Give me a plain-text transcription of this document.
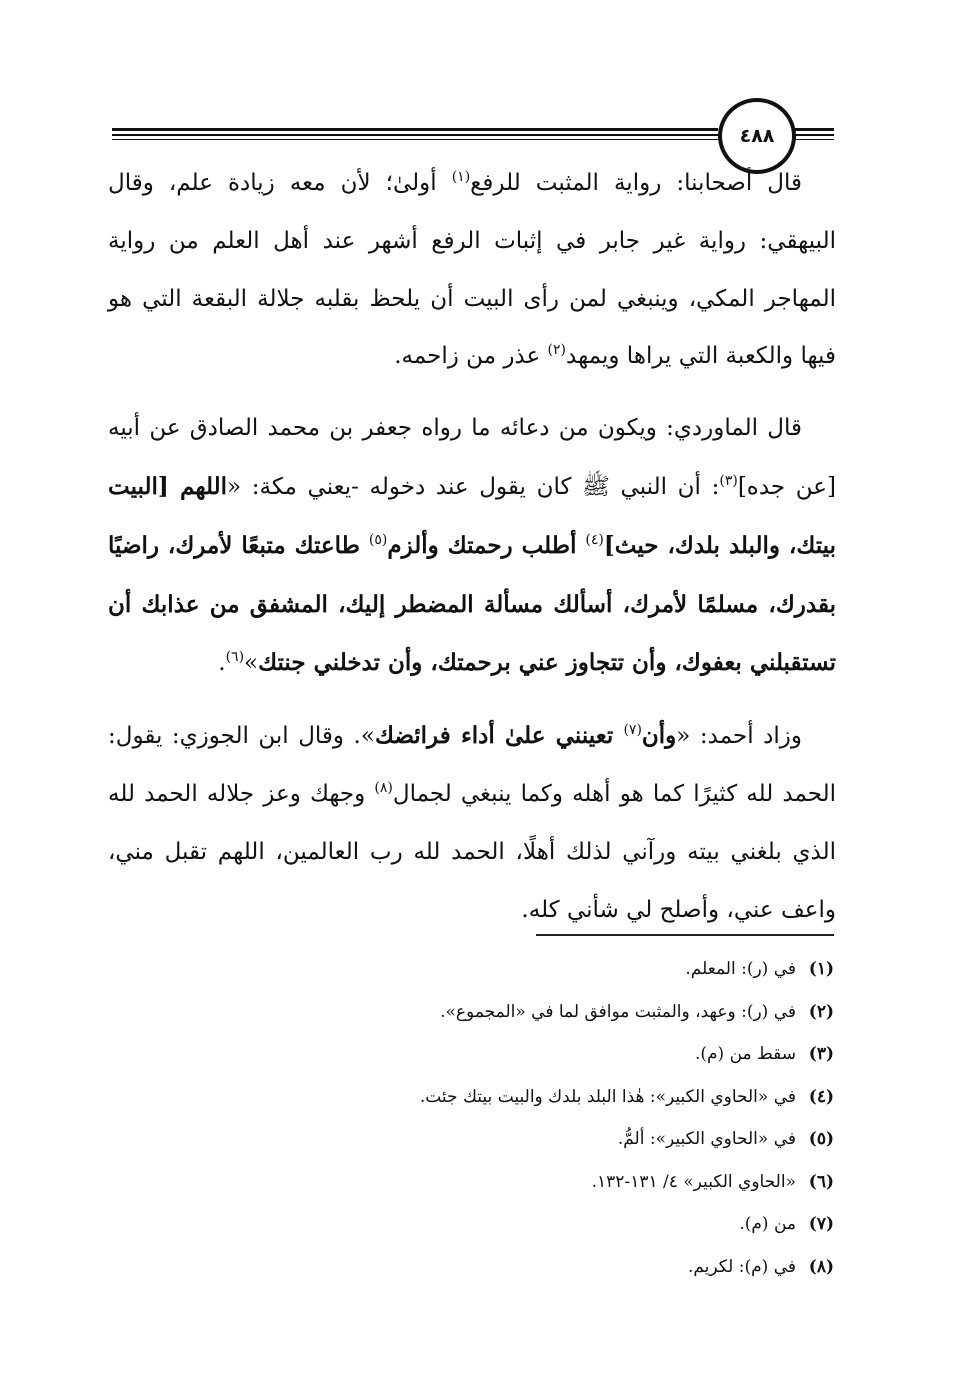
٤٨٨

قال أصحابنا: رواية المثبت للرفع$^{(١)}$ أولىٰ؛ لأن معه زيادة علم، وقال البيهقي: رواية غير جابر في إثبات الرفع أشهر عند أهل العلم من رواية المهاجر المكي، وينبغي لمن رأى البيت أن يلحظ بقلبه جلالة البقعة التي هو فيها والكعبة التي يراها ويمهد$^{(٢)}$ عذر من زاحمه.

قال الماوردي: ويكون من دعائه ما رواه جعفر بن محمد الصادق عن أبيه [عن جده]$^{(٣)}$: أن النبي ﷺ كان يقول عند دخوله -يعني مكة: «اللهم [البيت بيتك، والبلد بلدك، حيث]$^{(٤)}$ أطلب رحمتك وألزم$^{(٥)}$ طاعتك متبعًا لأمرك، راضيًا بقدرك، مسلمًا لأمرك، أسألك مسألة المضطر إليك، المشفق من عذابك أن تستقبلني بعفوك، وأن تتجاوز عني برحمتك، وأن تدخلني جنتك»$^{(٦)}$.

وزاد أحمد: «وأن$^{(٧)}$ تعينني علىٰ أداء فرائضك». وقال ابن الجوزي: يقول: الحمد لله كثيرًا كما هو أهله وكما ينبغي لجمال$^{(٨)}$ وجهك وعز جلاله الحمد لله الذي بلغني بيته ورآني لذلك أهلًا، الحمد لله رب العالمين، اللهم تقبل مني، واعف عني، وأصلح لي شأني كله.

(١)في (ر): المعلم.
(٢)في (ر): وعهد، والمثبت موافق لما في «المجموع».
(٣)سقط من (م).
(٤)في «الحاوي الكبير»: هٰذا البلد بلدك والبيت بيتك جئت.
(٥)في «الحاوي الكبير»: ألمُّ.
(٦)«الحاوي الكبير» ٤/ ١٣١-١٣٢.
(٧)من (م).
(٨)في (م): لكريم.
